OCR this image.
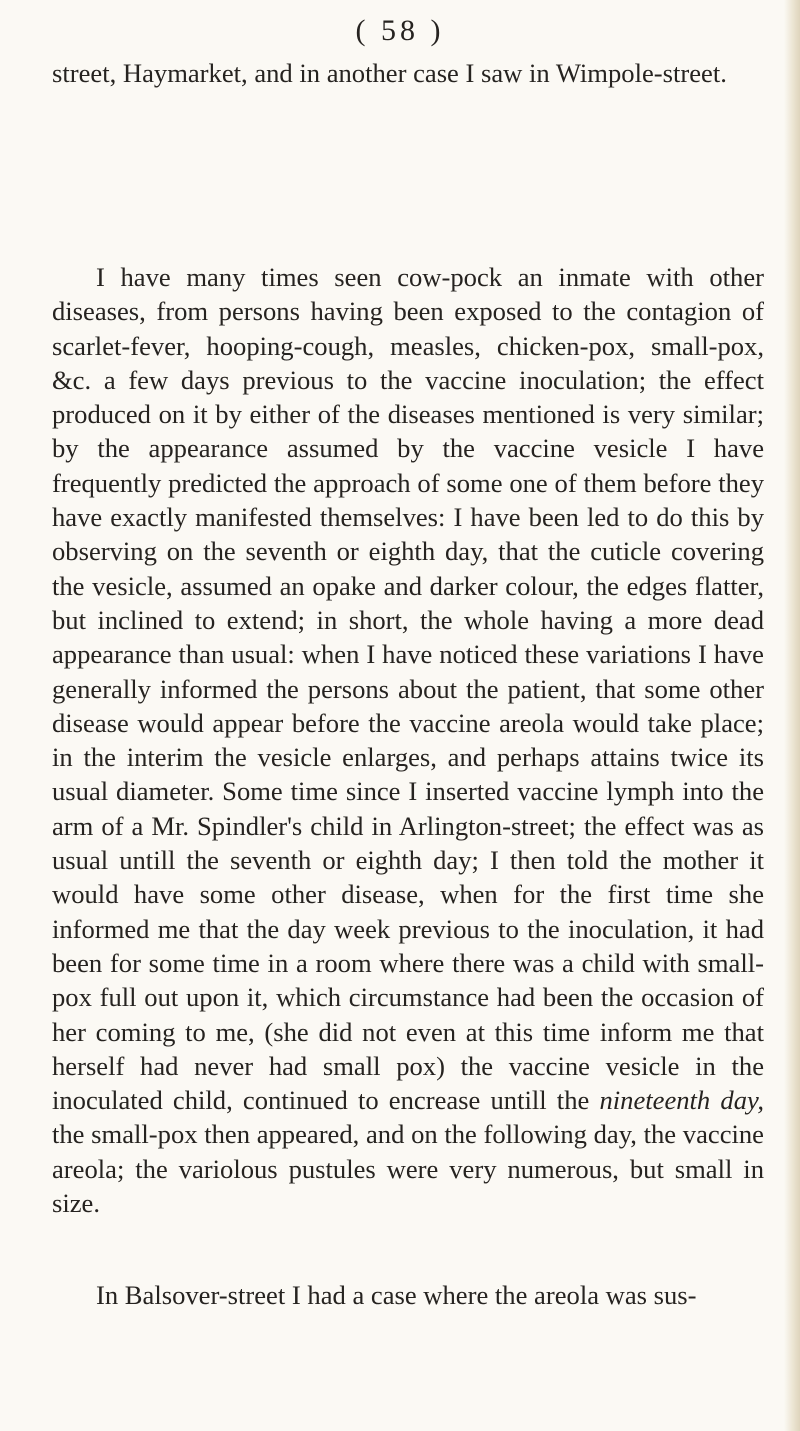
( 58 )

street, Haymarket, and in another case I saw in Wimpole-street.

I have many times seen cow-pock an inmate with other diseases, from persons having been exposed to the contagion of scarlet-fever, hooping-cough, measles, chicken-pox, small-pox, &c. a few days previous to the vaccine inoculation; the effect produced on it by either of the diseases mentioned is very similar; by the appearance assumed by the vaccine vesicle I have frequently predicted the approach of some one of them before they have exactly manifested themselves: I have been led to do this by observing on the seventh or eighth day, that the cuticle covering the vesicle, assumed an opake and darker colour, the edges flatter, but inclined to extend; in short, the whole having a more dead appearance than usual: when I have noticed these variations I have generally informed the persons about the patient, that some other disease would appear before the vaccine areola would take place; in the interim the vesicle enlarges, and perhaps attains twice its usual diameter. Some time since I inserted vaccine lymph into the arm of a Mr. Spindler's child in Arlington-street; the effect was as usual untill the seventh or eighth day; I then told the mother it would have some other disease, when for the first time she informed me that the day week previous to the inoculation, it had been for some time in a room where there was a child with small-pox full out upon it, which circumstance had been the occasion of her coming to me, (she did not even at this time inform me that herself had never had small pox) the vaccine vesicle in the inoculated child, continued to encrease untill the nineteenth day, the small-pox then appeared, and on the following day, the vaccine areola; the variolous pustules were very numerous, but small in size.

In Balsover-street I had a case where the areola was sus-
